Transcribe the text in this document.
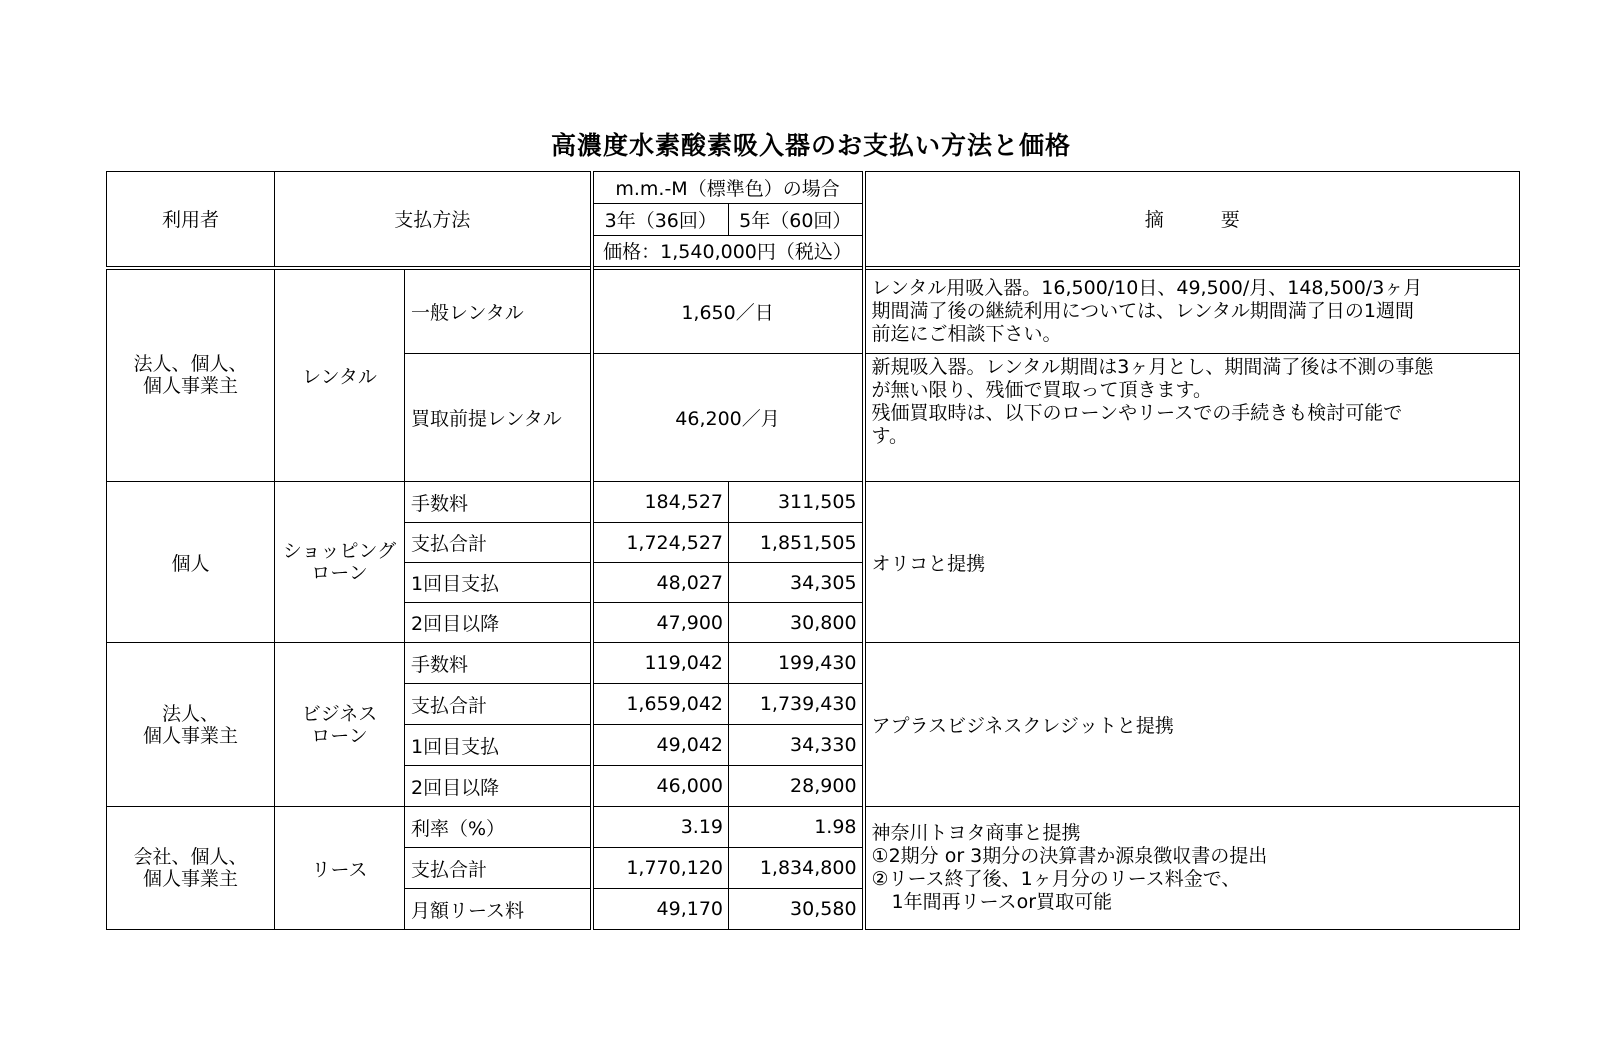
高濃度水素酸素吸入器のお支払い方法と価格
利用者	支払方法		m.m.-M（標準色）の場合		摘　　　要
			3年（36回）	5年（60回）	
			価格：1,540,000円（税込）		
法人、個人、
個人事業主	レンタル	一般レンタル	1,650／日		レンタル用吸入器。16,500/10日、49,500/月、148,500/3ヶ月
期間満了後の継続利用については、レンタル期間満了日の1週間
前迄にご相談下さい。
		買取前提レンタル	46,200／月		新規吸入器。レンタル期間は3ヶ月とし、期間満了後は不測の事態
が無い限り、残価で買取って頂きます。
残価買取時は、以下のローンやリースでの手続きも検討可能で
す。
個人	ショッピング
ローン	手数料	184,527	311,505	オリコと提携
		支払合計	1,724,527	1,851,505	
		1回目支払	48,027	34,305	
		2回目以降	47,900	30,800	
法人、
個人事業主	ビジネス
ローン	手数料	119,042	199,430	アプラスビジネスクレジットと提携
		支払合計	1,659,042	1,739,430	
		1回目支払	49,042	34,330	
		2回目以降	46,000	28,900	
会社、個人、
個人事業主	リース	利率（%）	3.19	1.98	神奈川トヨタ商事と提携
①2期分 or 3期分の決算書か源泉徴収書の提出
②リース終了後、1ヶ月分のリース料金で、
1年間再リースor買取可能
		支払合計	1,770,120	1,834,800	
		月額リース料	49,170	30,580	
